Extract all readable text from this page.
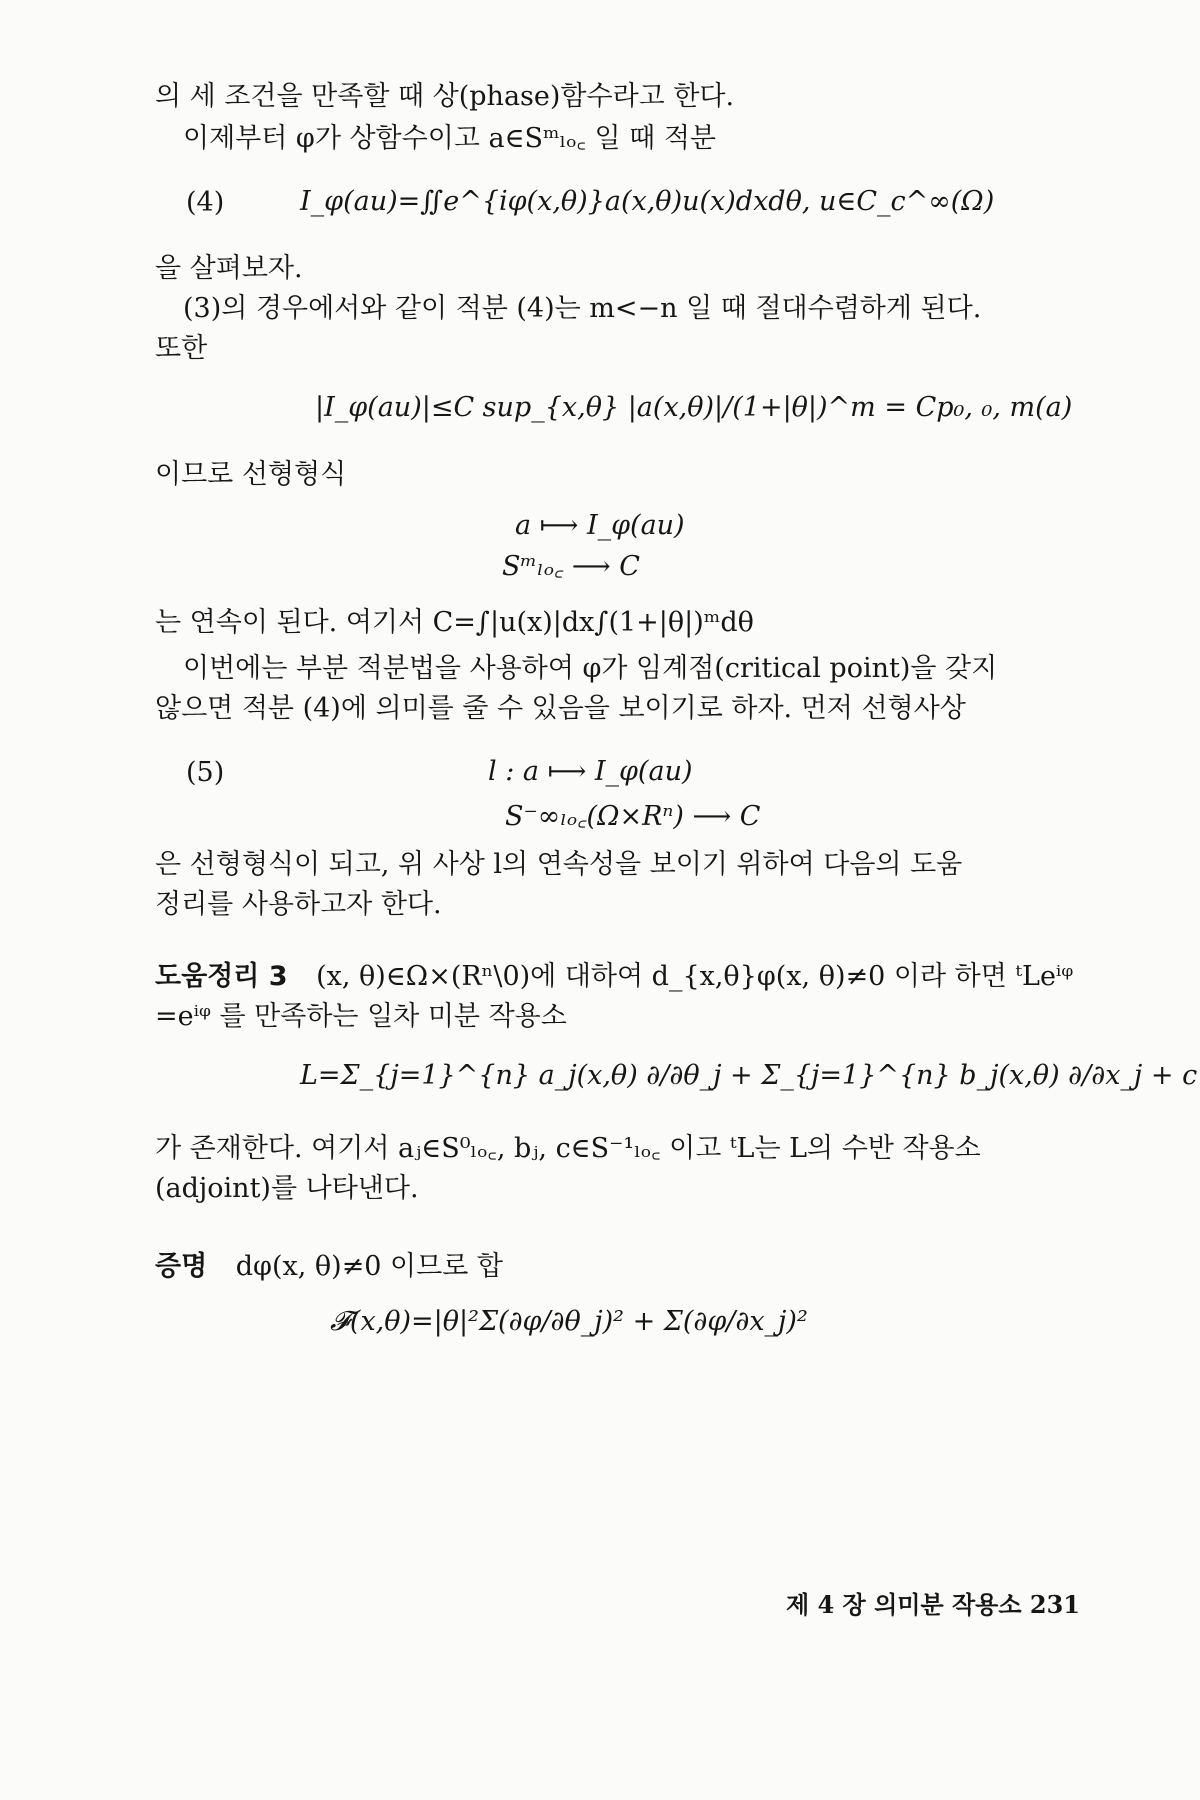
의 세 조건을 만족할 때 상(phase)함수라고 한다.
이제부터 φ가 상함수이고 a∈Sᵐₗₒ꜀ 일 때 적분
(4)	I_φ(au)=∬e^{iφ(x,θ)}a(x,θ)u(x)dxdθ, u∈C_c^∞(Ω)
을 살펴보자.
(3)의 경우에서와 같이 적분 (4)는 m<−n 일 때 절대수렴하게 된다.
또한
|I_φ(au)|≤C sup_{x,θ} |a(x,θ)|/(1+|θ|)^m = Cp₀, ₀, m(a)
이므로 선형형식
a ⟼ I_φ(au)
Sᵐₗₒ꜀ ⟶ C
는 연속이 된다. 여기서 C=∫|u(x)|dx∫(1+|θ|)ᵐdθ
이번에는 부분 적분법을 사용하여 φ가 임계점(critical point)을 갖지
않으면 적분 (4)에 의미를 줄 수 있음을 보이기로 하자. 먼저 선형사상
(5)	l : a ⟼ I_φ(au)
S⁻∞ₗₒ꜀(Ω×Rⁿ) ⟶ C
은 선형형식이 되고, 위 사상 l의 연속성을 보이기 위하여 다음의 도움
정리를 사용하고자 한다.
도움정리 3 (x, θ)∈Ω×(Rⁿ\0)에 대하여 d_{x,θ}φ(x, θ)≠0 이라 하면 ᵗLeⁱᵠ
=eⁱᵠ 를 만족하는 일차 미분 작용소
L=Σ_{j=1}^{n} a_j(x,θ) ∂/∂θ_j + Σ_{j=1}^{n} b_j(x,θ) ∂/∂x_j + c
가 존재한다. 여기서 aⱼ∈S⁰ₗₒ꜀, bⱼ, c∈S⁻¹ₗₒ꜀ 이고 ᵗL는 L의 수반 작용소
(adjoint)를 나타낸다.
증명 dφ(x, θ)≠0 이므로 합
𝓕(x,θ)=|θ|²Σ(∂φ/∂θ_j)² + Σ(∂φ/∂x_j)²
제 4 장 의미분 작용소 231
